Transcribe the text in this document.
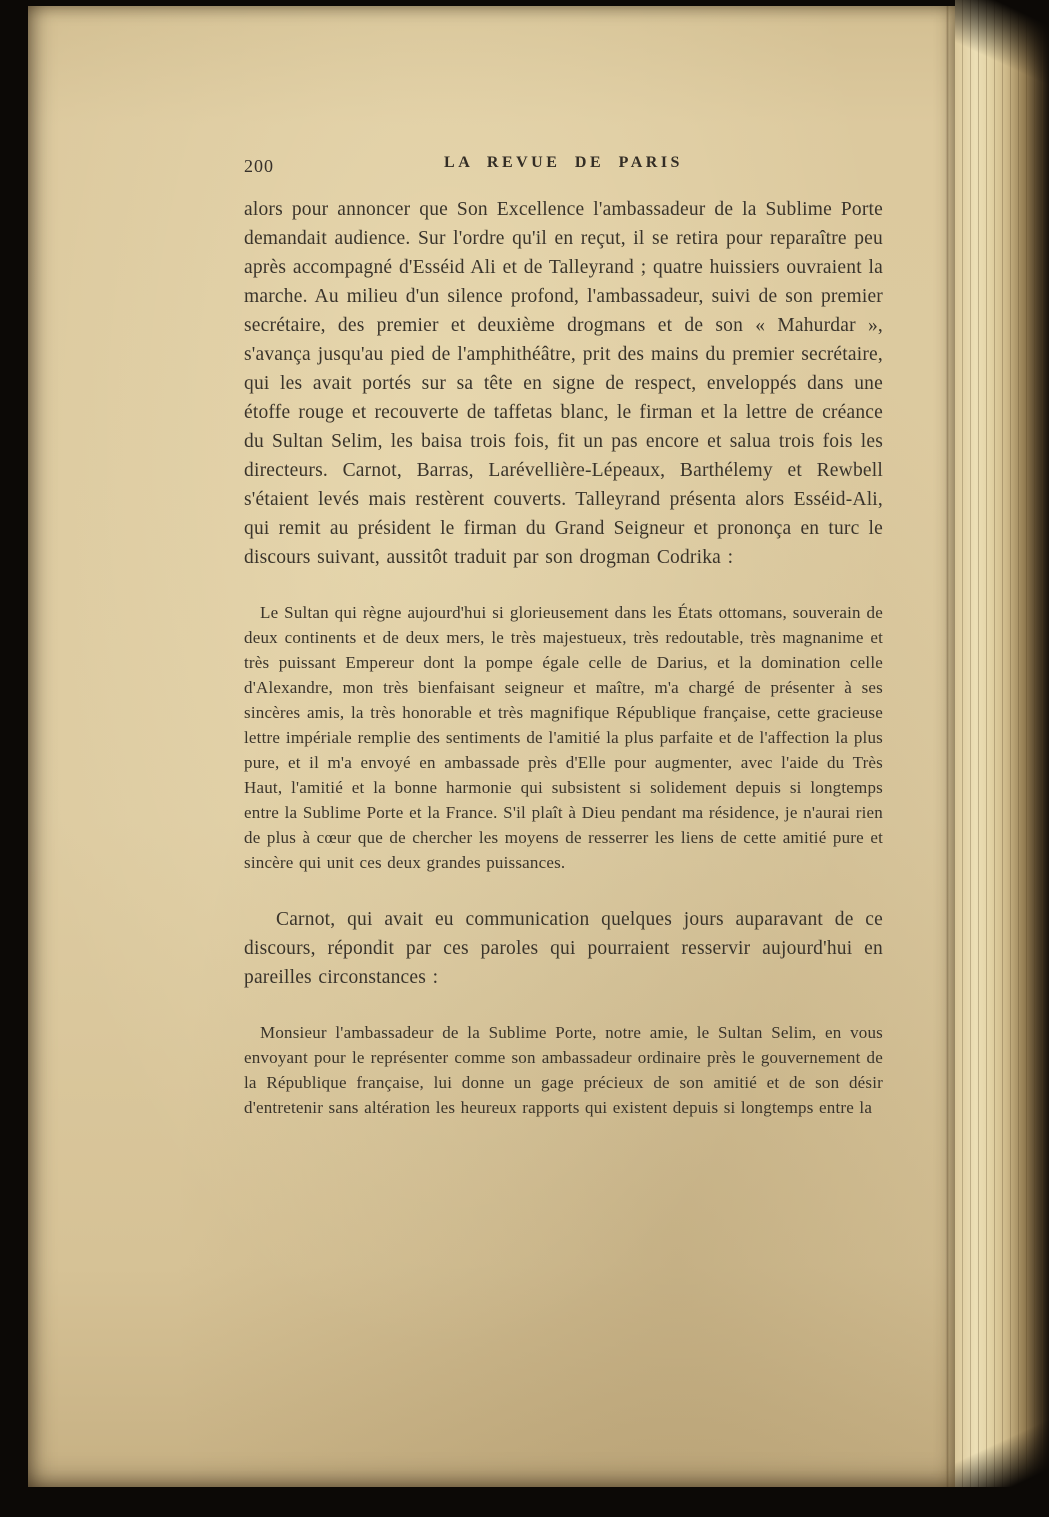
200	LA REVUE DE PARIS

alors pour annoncer que Son Excellence l'ambassadeur de la Sublime Porte demandait audience. Sur l'ordre qu'il en reçut, il se retira pour reparaître peu après accompagné d'Esséid Ali et de Talleyrand ; quatre huissiers ouvraient la marche. Au milieu d'un silence profond, l'ambassadeur, suivi de son premier secrétaire, des premier et deuxième drogmans et de son « Mahurdar », s'avança jusqu'au pied de l'amphithéâtre, prit des mains du premier secrétaire, qui les avait portés sur sa tête en signe de respect, enveloppés dans une étoffe rouge et recouverte de taffetas blanc, le firman et la lettre de créance du Sultan Selim, les baisa trois fois, fit un pas encore et salua trois fois les directeurs. Carnot, Barras, Larévellière-Lépeaux, Barthélemy et Rewbell s'étaient levés mais restèrent couverts. Talleyrand présenta alors Esséid-Ali, qui remit au président le firman du Grand Seigneur et prononça en turc le discours suivant, aussitôt traduit par son drogman Codrika :

Le Sultan qui règne aujourd'hui si glorieusement dans les États ottomans, souverain de deux continents et de deux mers, le très majestueux, très redoutable, très magnanime et très puissant Empereur dont la pompe égale celle de Darius, et la domination celle d'Alexandre, mon très bienfaisant seigneur et maître, m'a chargé de présenter à ses sincères amis, la très honorable et très magnifique République française, cette gracieuse lettre impériale remplie des sentiments de l'amitié la plus parfaite et de l'affection la plus pure, et il m'a envoyé en ambassade près d'Elle pour augmenter, avec l'aide du Très Haut, l'amitié et la bonne harmonie qui subsistent si solidement depuis si longtemps entre la Sublime Porte et la France. S'il plaît à Dieu pendant ma résidence, je n'aurai rien de plus à cœur que de chercher les moyens de resserrer les liens de cette amitié pure et sincère qui unit ces deux grandes puissances.

Carnot, qui avait eu communication quelques jours auparavant de ce discours, répondit par ces paroles qui pourraient resservir aujourd'hui en pareilles circonstances :

Monsieur l'ambassadeur de la Sublime Porte, notre amie, le Sultan Selim, en vous envoyant pour le représenter comme son ambassadeur ordinaire près le gouvernement de la République française, lui donne un gage précieux de son amitié et de son désir d'entretenir sans altération les heureux rapports qui existent depuis si longtemps entre la
